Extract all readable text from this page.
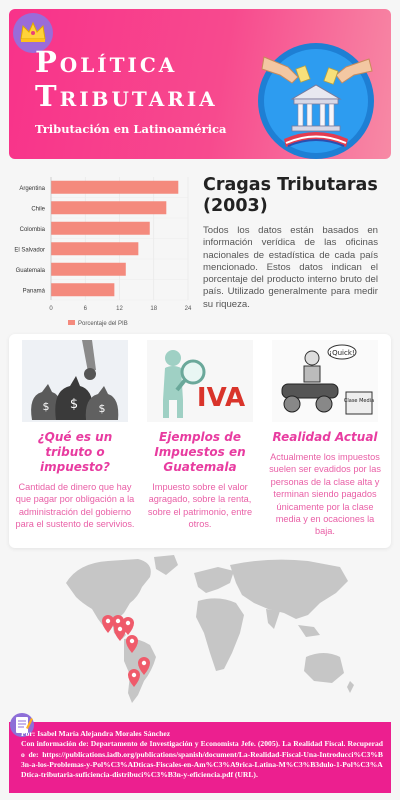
Política
Tributaria
Tributación en Latinoamérica
Argentina
Chile
Colombia
El Salvador
Guatemala
Panamá
0	6	12	18	24
Porcentaje del PIB
Cragas Tributaras (2003)
Todos los datos están basados en información verídica de las oficinas nacionales de estadística de cada país mencionado. Estos datos indican el porcentaje del producto interno bruto del país. Utilizado generalmente para medir su riqueza.
$ $ $
¿Qué es un tributo o impuesto?
Cantidad de dinero que hay que pagar por obligación a la administración del gobierno para el sustento de servivios.
IVA
Ejemplos de Impuestos en Guatemala
Impuesto sobre el valor agragado, sobre la renta, sobre el patrimonio, entre otros.
¡Quick!
Clase Media
Realidad Actual
Actualmente los impuestos suelen ser evadidos por las personas de la clase alta y terminan siendo pagados únicamente por la clase media y en ocaciones la baja.
Por: Isabel María Alejandra Morales Sánchez
Con información de: Departamento de Investigación y Economista Jefe. (2005). La Realidad Fiscal. Recuperado de: https://publications.iadb.org/publications/spanish/document/La-Realidad-Fiscal-Una-Introducci%C3%B3n-a-los-Problemas-y-Pol%C3%ADticas-Fiscales-en-Am%C3%A9rica-Latina-M%C3%B3dulo-1-Pol%C3%ADtica-tributaria-suficiencia-distribuci%C3%B3n-y-eficiencia.pdf (URL).
